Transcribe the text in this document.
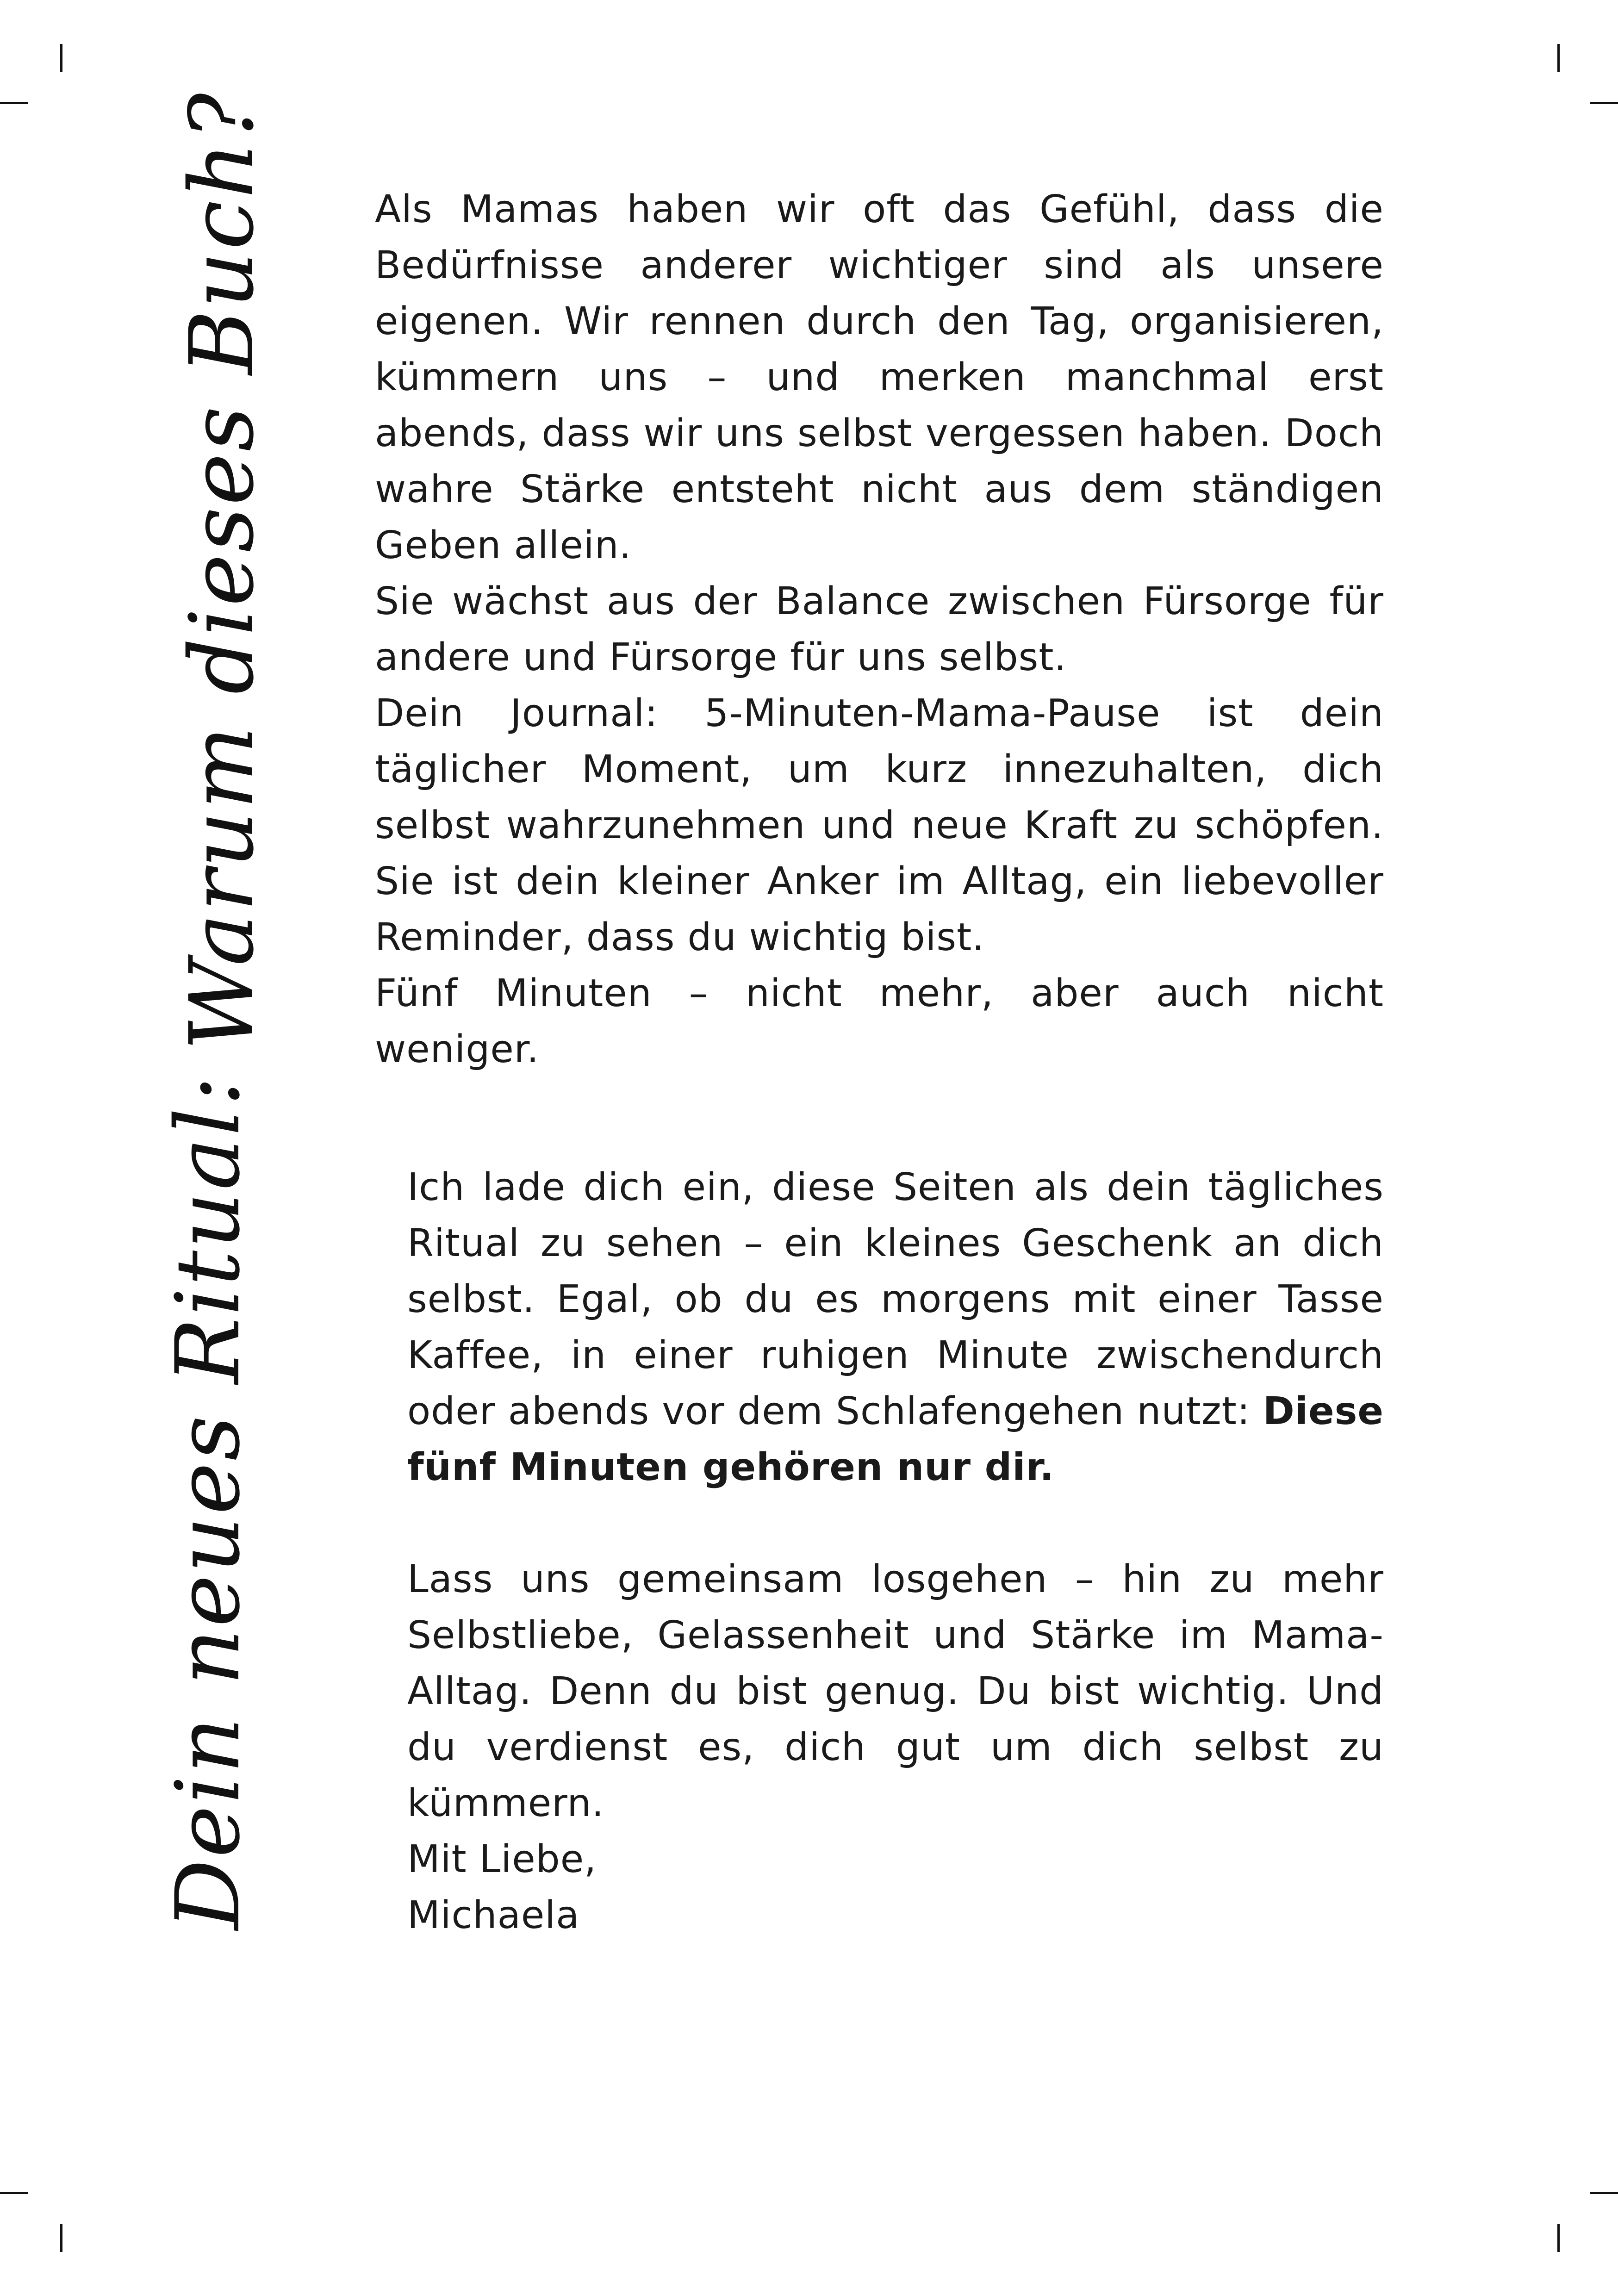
Warum dieses Buch?
Dein neues Ritual:

Als Mamas haben wir oft das Gefühl, dass die Bedürfnisse anderer wichtiger sind als unsere eigenen. Wir rennen durch den Tag, organisieren, kümmern uns – und merken manchmal erst abends, dass wir uns selbst vergessen haben. Doch wahre Stärke entsteht nicht aus dem ständigen Geben allein.

Sie wächst aus der Balance zwischen Fürsorge für andere und Fürsorge für uns selbst.

Dein Journal: 5-Minuten-Mama-Pause ist dein täglicher Moment, um kurz innezuhalten, dich selbst wahrzunehmen und neue Kraft zu schöpfen. Sie ist dein kleiner Anker im Alltag, ein liebevoller Reminder, dass du wichtig bist.

Fünf Minuten – nicht mehr, aber auch nicht weniger.

Ich lade dich ein, diese Seiten als dein tägliches Ritual zu sehen – ein kleines Geschenk an dich selbst. Egal, ob du es morgens mit einer Tasse Kaffee, in einer ruhigen Minute zwischendurch oder abends vor dem Schlafengehen nutzt: Diese fünf Minuten gehören nur dir.

Lass uns gemeinsam losgehen – hin zu mehr Selbstliebe, Gelassenheit und Stärke im Mama-Alltag. Denn du bist genug. Du bist wichtig. Und du verdienst es, dich gut um dich selbst zu kümmern.

Mit Liebe,

Michaela
